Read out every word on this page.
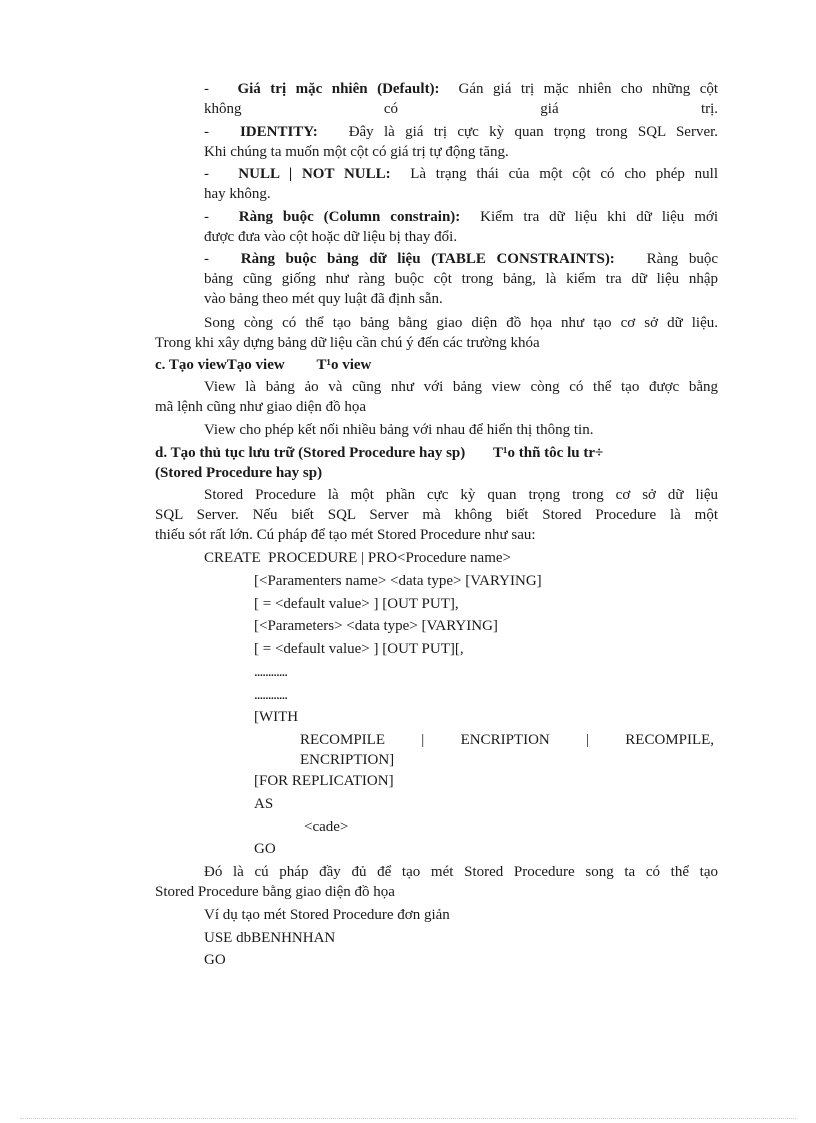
- Giá trị mặc nhiên (Default): Gán giá trị mặc nhiên cho những cột
không	có	giá	trị.
- IDENTITY: Đây là giá trị cực kỳ quan trọng trong SQL Server.
Khi chúng ta muốn một cột có giá trị tự động tăng.
- NULL | NOT NULL: Là trạng thái của một cột có cho phép null
hay không.
- Ràng buộc (Column constrain): Kiểm tra dữ liệu khi dữ liệu mới
được đưa vào cột hoặc dữ liệu bị thay đổi.
- Ràng buộc bảng dữ liệu (TABLE CONSTRAINTS): Ràng buộc
bảng cũng giống như ràng buộc cột trong bảng, là kiểm tra dữ liệu nhập
vào bảng theo mét quy luật đã định sẵn.
Song còng có thể tạo bảng bằng giao diện đồ họa như tạo cơ sở dữ liệu.
Trong khi xây dựng bảng dữ liệu cần chú ý đến các trường khóa
c. Tạo viewTạo view T¹o view
View là bảng ảo và cũng như với bảng view còng có thể tạo được bằng
mã lệnh cũng như giao diện đồ họa
View cho phép kết nối nhiều bảng với nhau để hiển thị thông tin.
d. Tạo thủ tục lưu trữ (Stored Procedure hay sp) T¹o thñ tôc lu tr÷
(Stored Procedure hay sp)
Stored Procedure là một phần cực kỳ quan trọng trong cơ sở dữ liệu
SQL Server. Nếu biết SQL Server mà không biết Stored Procedure là một
thiếu sót rất lớn. Cú pháp để tạo mét Stored Procedure như sau:
CREATE  PROCEDURE | PRO<Procedure name>
[<Paramenters name> <data type> [VARYING]
[ = <default value> ] [OUT PUT],
[<Parameters> <data type> [VARYING]
[ = <default value> ] [OUT PUT][,
............
............
[WITH
RECOMPILE | ENCRIPTION | RECOMPILE,
ENCRIPTION]
[FOR REPLICATION]
AS
<cade>
GO
Đó là cú pháp đầy đủ để tạo mét Stored Procedure song ta có thể tạo
Stored Procedure bằng giao diện đồ họa
Ví dụ tạo mét Stored Procedure đơn giản
USE dbBENHNHAN
GO
